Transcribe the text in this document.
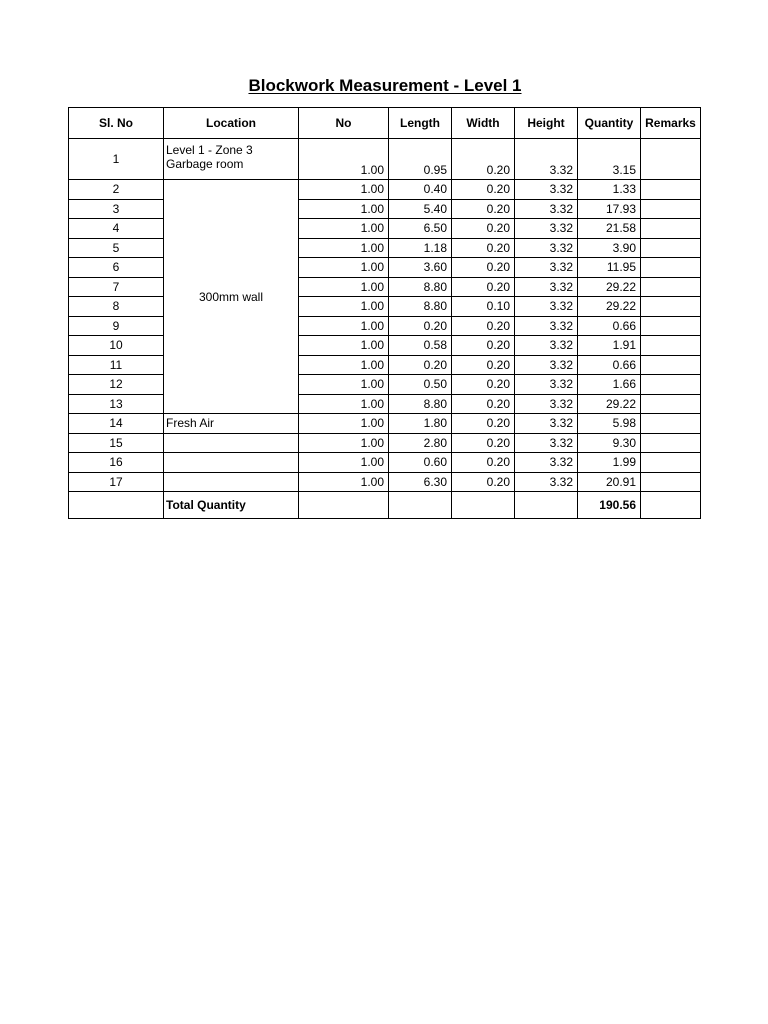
Blockwork Measurement - Level 1
Sl. No	Location	No	Length	Width	Height	Quantity	Remarks
1	Level 1 - Zone 3
Garbage room	1.00	0.95	0.20	3.32	3.15	
2	300mm wall	1.00	0.40	0.20	3.32	1.33	
3		1.00	5.40	0.20	3.32	17.93	
4		1.00	6.50	0.20	3.32	21.58	
5		1.00	1.18	0.20	3.32	3.90	
6		1.00	3.60	0.20	3.32	11.95	
7		1.00	8.80	0.20	3.32	29.22	
8		1.00	8.80	0.10	3.32	29.22	
9		1.00	0.20	0.20	3.32	0.66	
10		1.00	0.58	0.20	3.32	1.91	
11		1.00	0.20	0.20	3.32	0.66	
12		1.00	0.50	0.20	3.32	1.66	
13		1.00	8.80	0.20	3.32	29.22	
14	Fresh Air	1.00	1.80	0.20	3.32	5.98	
15		1.00	2.80	0.20	3.32	9.30	
16		1.00	0.60	0.20	3.32	1.99	
17		1.00	6.30	0.20	3.32	20.91	
	Total Quantity					190.56	
